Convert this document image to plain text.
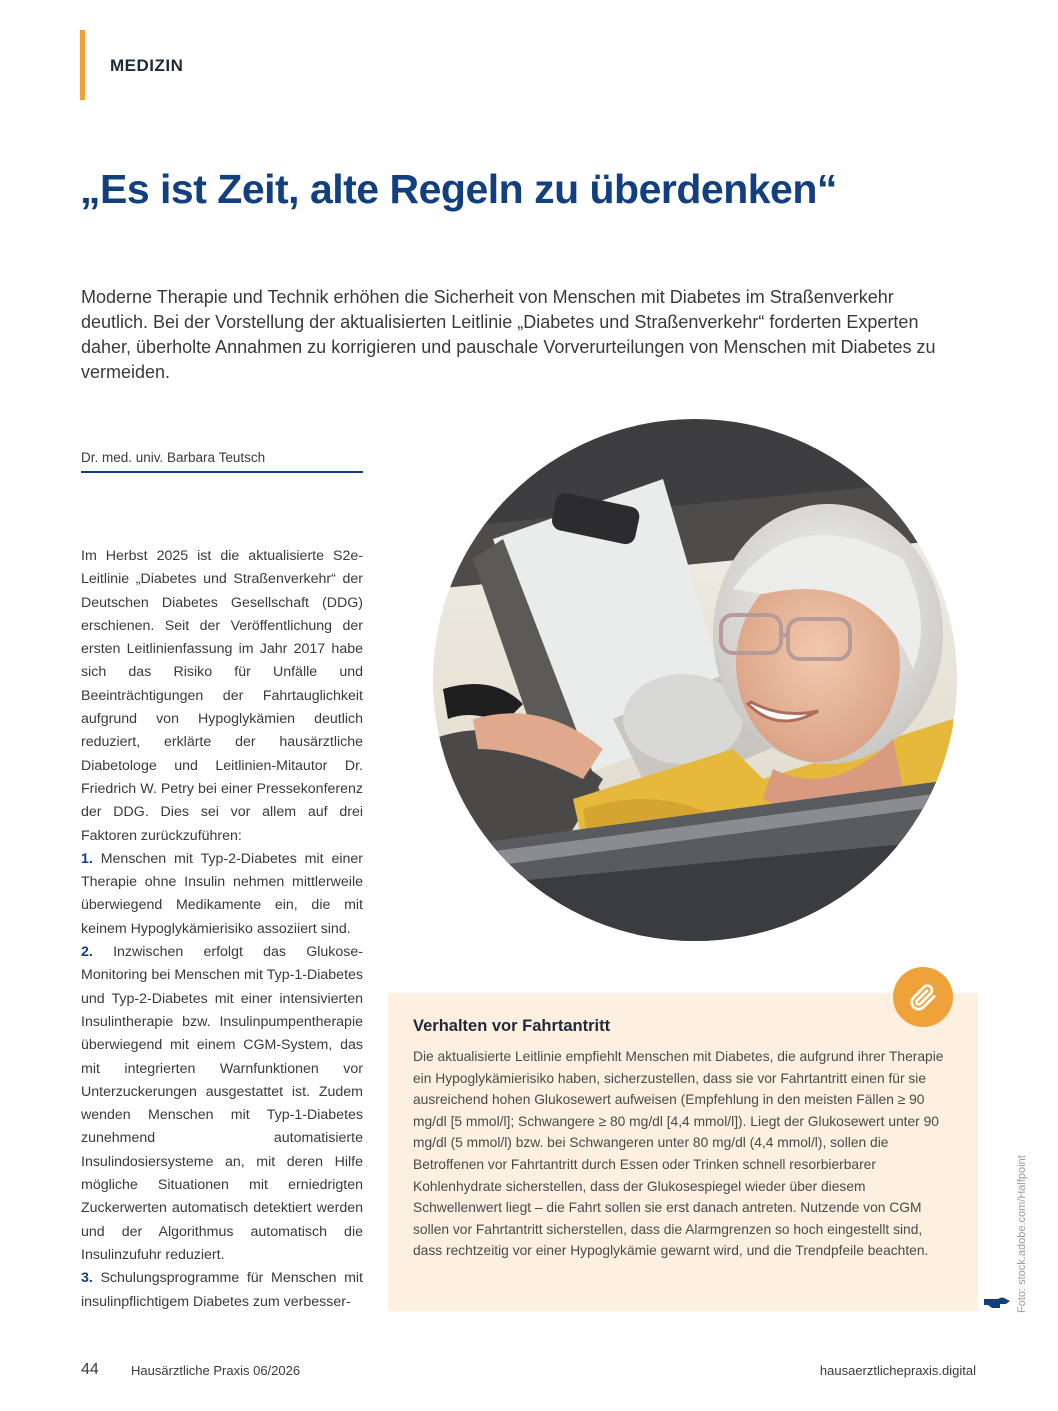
MEDIZIN
„Es ist Zeit, alte Regeln zu überdenken“

Moderne Therapie und Technik erhöhen die Sicherheit von Menschen mit Diabetes im Straßenverkehr deutlich. Bei der Vorstellung der aktualisierten Leitlinie „Diabetes und Straßenverkehr“ forderten Experten daher, überholte Annahmen zu korrigieren und pauschale Vorverurteilungen von Menschen mit Diabetes zu vermeiden.

Dr. med. univ. Barbara Teutsch

Im Herbst 2025 ist die aktualisierte S2e-Leitlinie „Diabetes und Straßenverkehr“ der Deutschen Diabetes Gesellschaft (DDG) erschienen. Seit der Veröffentlichung der ersten Leitlinienfassung im Jahr 2017 habe sich das Risiko für Unfälle und Beeinträchtigungen der Fahrtauglichkeit aufgrund von Hypoglykämien deutlich reduziert, erklärte der hausärztliche Diabetologe und Leitlinien-Mitautor Dr. Friedrich W. Petry bei einer Pressekonferenz der DDG. Dies sei vor allem auf drei Faktoren zurückzuführen:

1. Menschen mit Typ-2-Diabetes mit einer Therapie ohne Insulin nehmen mittlerweile überwiegend Medikamente ein, die mit keinem Hypoglykämierisiko assoziiert sind.

2. Inzwischen erfolgt das Glukose-Monitoring bei Menschen mit Typ-1-Diabetes und Typ-2-Diabetes mit einer intensivierten Insulintherapie bzw. Insulinpumpentherapie überwiegend mit einem CGM-System, das mit integrierten Warnfunktionen vor Unterzuckerungen ausgestattet ist. Zudem wenden Menschen mit Typ-1-Diabetes zunehmend automatisierte Insulindosiersysteme an, mit deren Hilfe mögliche Situationen mit erniedrigten Zuckerwerten automatisch detektiert werden und der Algorithmus automatisch die Insulinzufuhr reduziert.

3. Schulungsprogramme für Menschen mit insulinpflichtigem Diabetes zum verbesser-

Verhalten vor Fahrtantritt

Die aktualisierte Leitlinie empfiehlt Menschen mit Diabetes, die aufgrund ihrer Therapie ein Hypoglykämierisiko haben, sicherzustellen, dass sie vor Fahrtantritt einen für sie ausreichend hohen Glukosewert aufweisen (Empfehlung in den meisten Fällen ≥ 90 mg/dl [5 mmol/l]; Schwangere ≥ 80 mg/dl [4,4 mmol/l]). Liegt der Glukosewert unter 90 mg/dl (5 mmol/l) bzw. bei Schwangeren unter 80 mg/dl (4,4 mmol/l), sollen die Betroffenen vor Fahrtantritt durch Essen oder Trinken schnell resorbierbarer Kohlenhydrate sicherstellen, dass der Glukosespiegel wieder über diesem Schwellenwert liegt – die Fahrt sollen sie erst danach antreten. Nutzende von CGM sollen vor Fahrtantritt sicherstellen, dass die Alarmgrenzen so hoch eingestellt sind, dass rechtzeitig vor einer Hypoglykämie gewarnt wird, und die Trendpfeile beachten.	Foto: stock.adobe.com/Halfpoint
44 Hausärztliche Praxis 06/2026	hausaerztlichepraxis.digital
